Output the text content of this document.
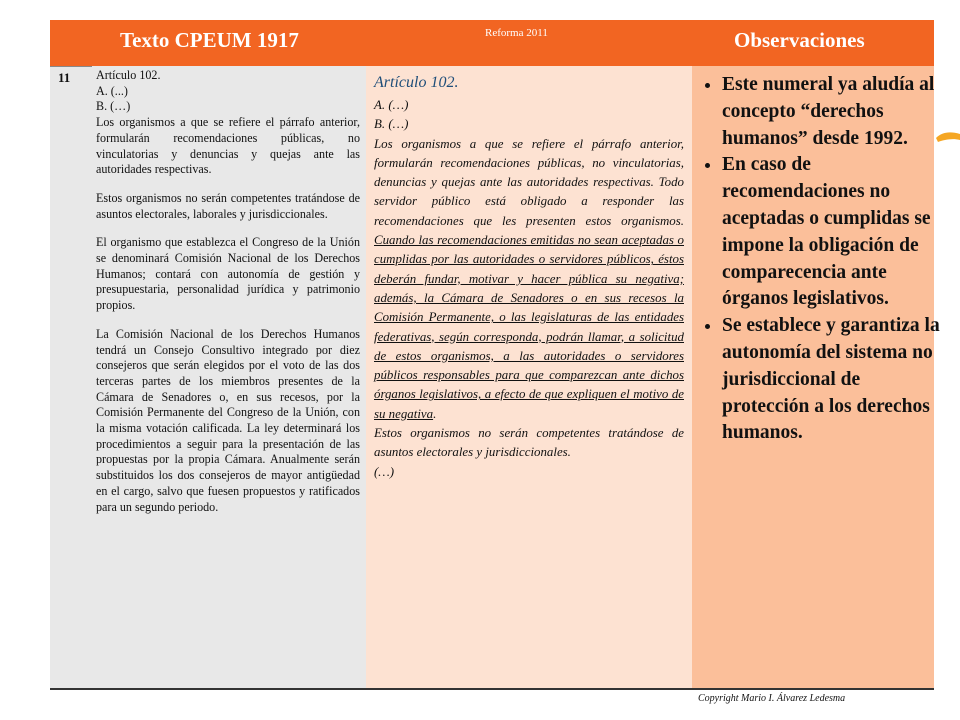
Texto CPEUM 1917	Reforma 2011	Observaciones
11 Artículo 102.

A. (...)

B. (…)

Los organismos a que se refiere el párrafo anterior, formularán recomendaciones públicas, no vinculatorias y denuncias y quejas ante las autoridades respectivas.

Estos organismos no serán competentes tratándose de asuntos electorales, laborales y jurisdiccionales.

El organismo que establezca el Congreso de la Unión se denominará Comisión Nacional de los Derechos Humanos; contará con autonomía de gestión y presupuestaria, personalidad jurídica y patrimonio propios.

La Comisión Nacional de los Derechos Humanos tendrá un Consejo Consultivo integrado por diez consejeros que serán elegidos por el voto de las dos terceras partes de los miembros presentes de la Cámara de Senadores o, en sus recesos, por la Comisión Permanente del Congreso de la Unión, con la misma votación calificada. La ley determinará los procedimientos a seguir para la presentación de las propuestas por la propia Cámara. Anualmente serán substituidos los dos consejeros de mayor antigüedad en el cargo, salvo que fuesen propuestos y ratificados para un segundo periodo.

Artículo 102.

A. (…)

B. (…)

Los organismos a que se refiere el párrafo anterior, formularán recomendaciones públicas, no vinculatorias, denuncias y quejas ante las autoridades respectivas. Todo servidor público está obligado a responder las recomendaciones que les presenten estos organismos. Cuando las recomendaciones emitidas no sean aceptadas o cumplidas por las autoridades o servidores públicos, éstos deberán fundar, motivar y hacer pública su negativa; además, la Cámara de Senadores o en sus recesos la Comisión Permanente, o las legislaturas de las entidades federativas, según corresponda, podrán llamar, a solicitud de estos organismos, a las autoridades o servidores públicos responsables para que comparezcan ante dichos órganos legislativos, a efecto de que expliquen el motivo de su negativa.

Estos organismos no serán competentes tratándose de asuntos electorales y jurisdiccionales.

(…)

• Este numeral ya aludía al concepto “derechos humanos” desde 1992.
• En caso de recomendaciones no aceptadas o cumplidas se impone la obligación de comparecencia ante órganos legislativos.
• Se establece y garantiza la autonomía del sistema no jurisdiccional de protección a los derechos humanos.
Copyright Mario I. Álvarez Ledesma
